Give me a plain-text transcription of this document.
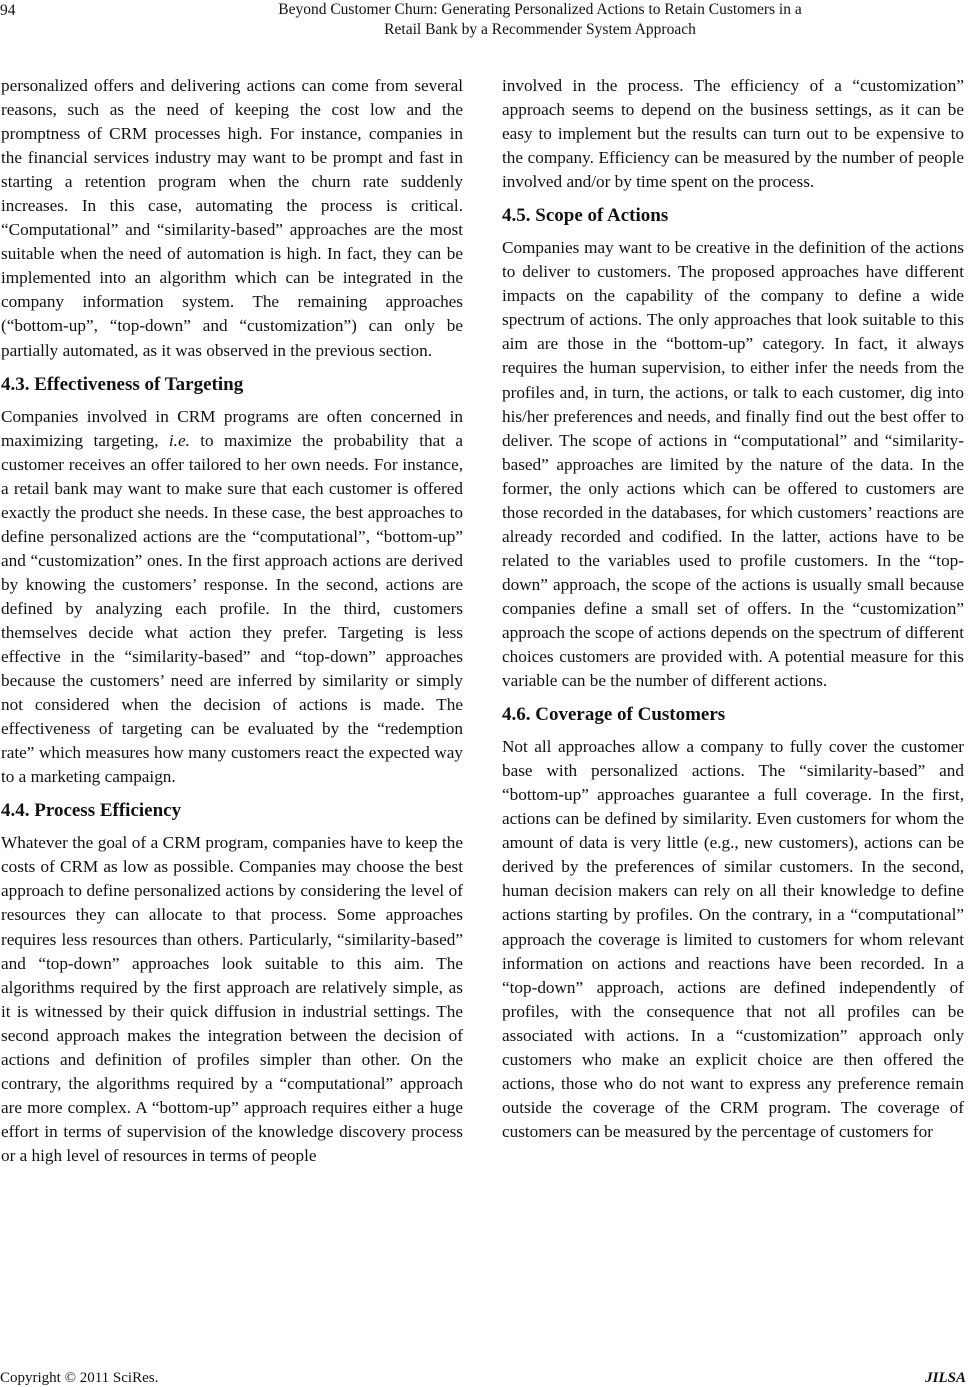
94	Beyond Customer Churn: Generating Personalized Actions to Retain Customers in a
Retail Bank by a Recommender System Approach

personalized offers and delivering actions can come from several reasons, such as the need of keeping the cost low and the promptness of CRM processes high. For instance, companies in the financial services industry may want to be prompt and fast in starting a retention program when the churn rate suddenly increases. In this case, automating the process is critical. “Computational” and “similarity-based” approaches are the most suitable when the need of automation is high. In fact, they can be implemented into an algorithm which can be integrated in the company information system. The remaining approaches (“bottom-up”, “top-down” and “customization”) can only be partially automated, as it was observed in the previous section.

4.3. Effectiveness of Targeting

Companies involved in CRM programs are often concerned in maximizing targeting, i.e. to maximize the probability that a customer receives an offer tailored to her own needs. For instance, a retail bank may want to make sure that each customer is offered exactly the product she needs. In these case, the best approaches to define personalized actions are the “computational”, “bottom-up” and “customization” ones. In the first approach actions are derived by knowing the customers’ response. In the second, actions are defined by analyzing each profile. In the third, customers themselves decide what action they prefer. Targeting is less effective in the “similarity-based” and “top-down” approaches because the customers’ need are inferred by similarity or simply not considered when the decision of actions is made. The effectiveness of targeting can be evaluated by the “redemption rate” which measures how many customers react the expected way to a marketing campaign.

4.4. Process Efficiency

Whatever the goal of a CRM program, companies have to keep the costs of CRM as low as possible. Companies may choose the best approach to define personalized actions by considering the level of resources they can allocate to that process. Some approaches requires less resources than others. Particularly, “similarity-based” and “top-down” approaches look suitable to this aim. The algorithms required by the first approach are relatively simple, as it is witnessed by their quick diffusion in industrial settings. The second approach makes the integration between the decision of actions and definition of profiles simpler than other. On the contrary, the algorithms required by a “computational” approach are more complex. A “bottom-up” approach requires either a huge effort in terms of supervision of the knowledge discovery process or a high level of resources in terms of people

involved in the process. The efficiency of a “customization” approach seems to depend on the business settings, as it can be easy to implement but the results can turn out to be expensive to the company. Efficiency can be measured by the number of people involved and/or by time spent on the process.

4.5. Scope of Actions

Companies may want to be creative in the definition of the actions to deliver to customers. The proposed approaches have different impacts on the capability of the company to define a wide spectrum of actions. The only approaches that look suitable to this aim are those in the “bottom-up” category. In fact, it always requires the human supervision, to either infer the needs from the profiles and, in turn, the actions, or talk to each customer, dig into his/her preferences and needs, and finally find out the best offer to deliver. The scope of actions in “computational” and “similarity-based” approaches are limited by the nature of the data. In the former, the only actions which can be offered to customers are those recorded in the databases, for which customers’ reactions are already recorded and codified. In the latter, actions have to be related to the variables used to profile customers. In the “top-down” approach, the scope of the actions is usually small because companies define a small set of offers. In the “customization” approach the scope of actions depends on the spectrum of different choices customers are provided with. A potential measure for this variable can be the number of different actions.

4.6. Coverage of Customers

Not all approaches allow a company to fully cover the customer base with personalized actions. The “similarity-based” and “bottom-up” approaches guarantee a full coverage. In the first, actions can be defined by similarity. Even customers for whom the amount of data is very little (e.g., new customers), actions can be derived by the preferences of similar customers. In the second, human decision makers can rely on all their knowledge to define actions starting by profiles. On the contrary, in a “computational” approach the coverage is limited to customers for whom relevant information on actions and reactions have been recorded. In a “top-down” approach, actions are defined independently of profiles, with the consequence that not all profiles can be associated with actions. In a “customization” approach only customers who make an explicit choice are then offered the actions, those who do not want to express any preference remain outside the coverage of the CRM program. The coverage of customers can be measured by the percentage of customers for

Copyright © 2011 SciRes.	JILSA
